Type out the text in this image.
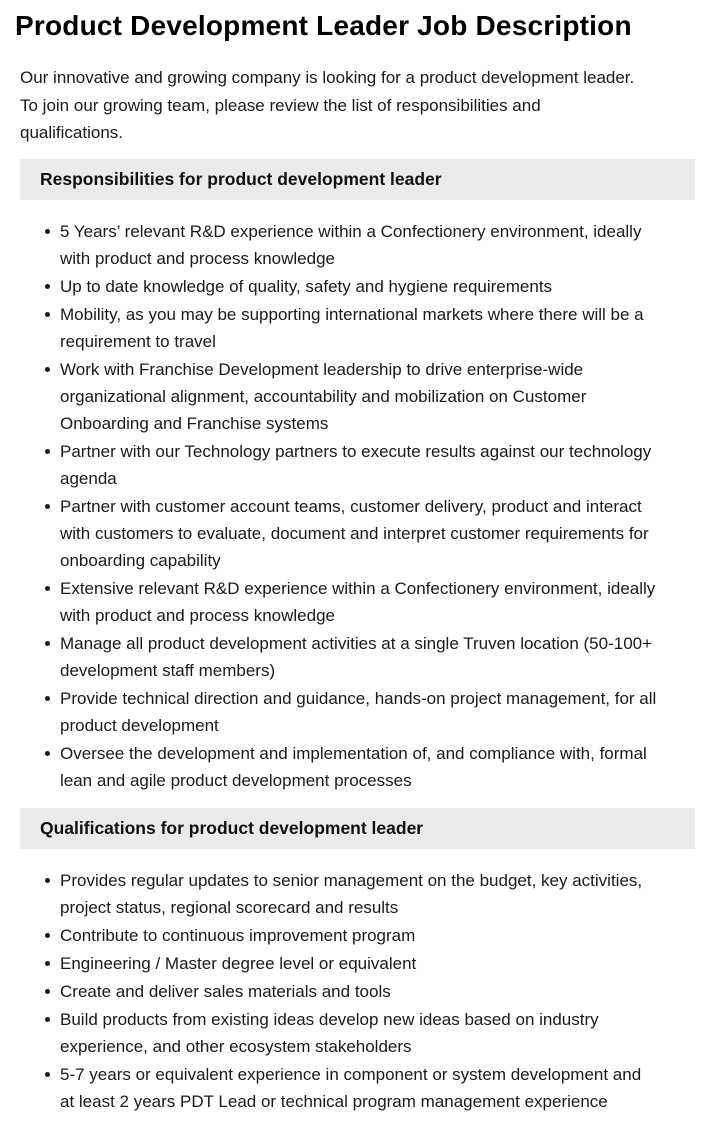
Product Development Leader Job Description

Our innovative and growing company is looking for a product development leader. To join our growing team, please review the list of responsibilities and qualifications.

Responsibilities for product development leader
5 Years’ relevant R&D experience within a Confectionery environment, ideally with product and process knowledge
Up to date knowledge of quality, safety and hygiene requirements
Mobility, as you may be supporting international markets where there will be a requirement to travel
Work with Franchise Development leadership to drive enterprise-wide organizational alignment, accountability and mobilization on Customer Onboarding and Franchise systems
Partner with our Technology partners to execute results against our technology agenda
Partner with customer account teams, customer delivery, product and interact with customers to evaluate, document and interpret customer requirements for onboarding capability
Extensive relevant R&D experience within a Confectionery environment, ideally with product and process knowledge
Manage all product development activities at a single Truven location (50-100+ development staff members)
Provide technical direction and guidance, hands-on project management, for all product development
Oversee the development and implementation of, and compliance with, formal lean and agile product development processes
Qualifications for product development leader
Provides regular updates to senior management on the budget, key activities, project status, regional scorecard and results
Contribute to continuous improvement program
Engineering / Master degree level or equivalent
Create and deliver sales materials and tools
Build products from existing ideas develop new ideas based on industry experience, and other ecosystem stakeholders
5-7 years or equivalent experience in component or system development and at least 2 years PDT Lead or technical program management experience
